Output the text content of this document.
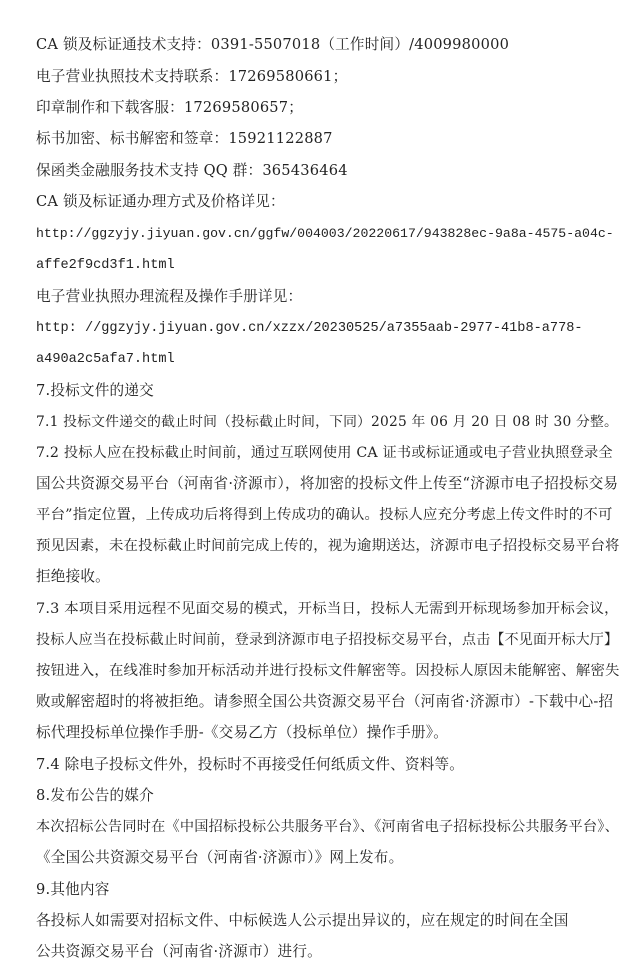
CA 锁及标证通技术支持：0391-5507018（工作时间）/4009980000
电子营业执照技术支持联系：17269580661；
印章制作和下载客服：17269580657；
标书加密、标书解密和签章：15921122887
保函类金融服务技术支持 QQ 群：365436464
CA 锁及标证通办理方式及价格详见：
http://ggzyjy.jiyuan.gov.cn/ggfw/004003/20220617/943828ec-9a8a-4575-a04c-
affe2f9cd3f1.html
电子营业执照办理流程及操作手册详见：
http: //ggzyjy.jiyuan.gov.cn/xzzx/20230525/a7355aab-2977-41b8-a778-
a490a2c5afa7.html
7.投标文件的递交
7.1 投标文件递交的截止时间（投标截止时间，下同）2025 年 06 月 20 日 08 时 30 分整。
7.2 投标人应在投标截止时间前，通过互联网使用 CA 证书或标证通或电子营业执照登录全
国公共资源交易平台（河南省·济源市），将加密的投标文件上传至“济源市电子招投标交易
平台”指定位置，上传成功后将得到上传成功的确认。投标人应充分考虑上传文件时的不可
预见因素，未在投标截止时间前完成上传的，视为逾期送达，济源市电子招投标交易平台将
拒绝接收。
7.3 本项目采用远程不见面交易的模式，开标当日，投标人无需到开标现场参加开标会议，
投标人应当在投标截止时间前，登录到济源市电子招投标交易平台，点击【不见面开标大厅】
按钮进入，在线准时参加开标活动并进行投标文件解密等。因投标人原因未能解密、解密失
败或解密超时的将被拒绝。请参照全国公共资源交易平台（河南省·济源市）-下载中心-招
标代理投标单位操作手册-《交易乙方（投标单位）操作手册》。
7.4 除电子投标文件外，投标时不再接受任何纸质文件、资料等。
8.发布公告的媒介
本次招标公告同时在《中国招标投标公共服务平台》、《河南省电子招标投标公共服务平台》、
《全国公共资源交易平台（河南省·济源市）》网上发布。
9.其他内容
各投标人如需要对招标文件、中标候选人公示提出异议的，应在规定的时间在全国
公共资源交易平台（河南省·济源市）进行。
